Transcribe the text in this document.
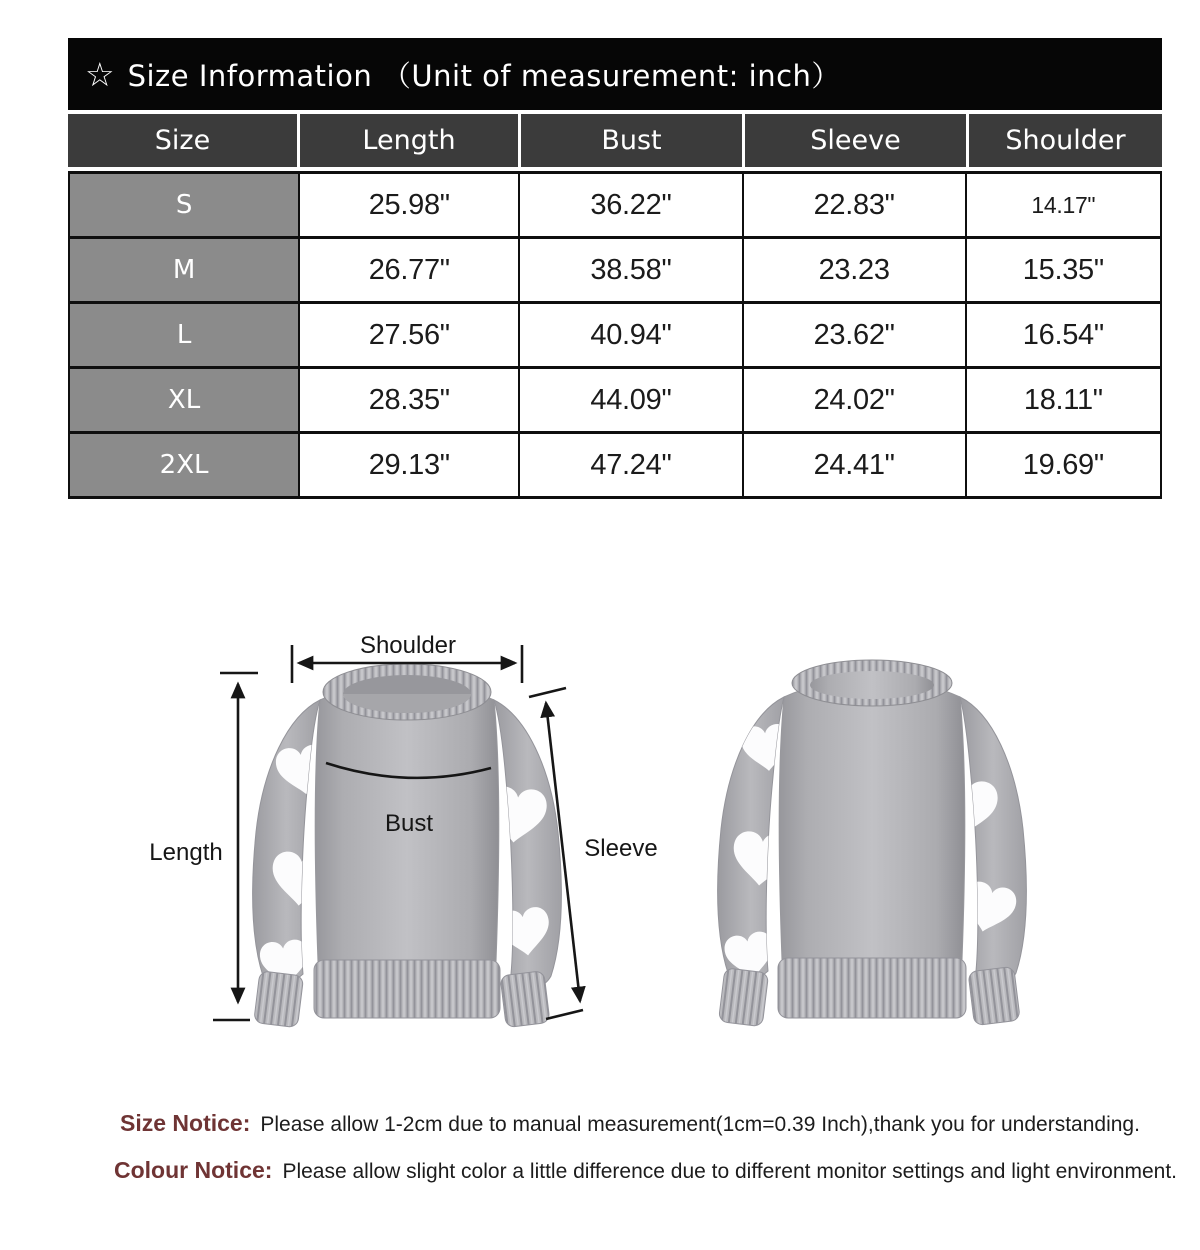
☆ Size Information （Unit of measurement: inch）
Size	Length	Bust	Sleeve	Shoulder
S	25.98"	36.22"	22.83"	14.17"
M	26.77"	38.58"	23.23	15.35"
L	27.56"	40.94"	23.62"	16.54"
XL	28.35"	44.09"	24.02"	18.11"
2XL	29.13"	47.24"	24.41"	19.69"
Shoulder
Length
Bust
Sleeve
Size Notice: Please allow 1-2cm due to manual measurement(1cm=0.39 Inch),thank you for understanding.
Colour Notice: Please allow slight color a little difference due to different monitor settings and light environment.
